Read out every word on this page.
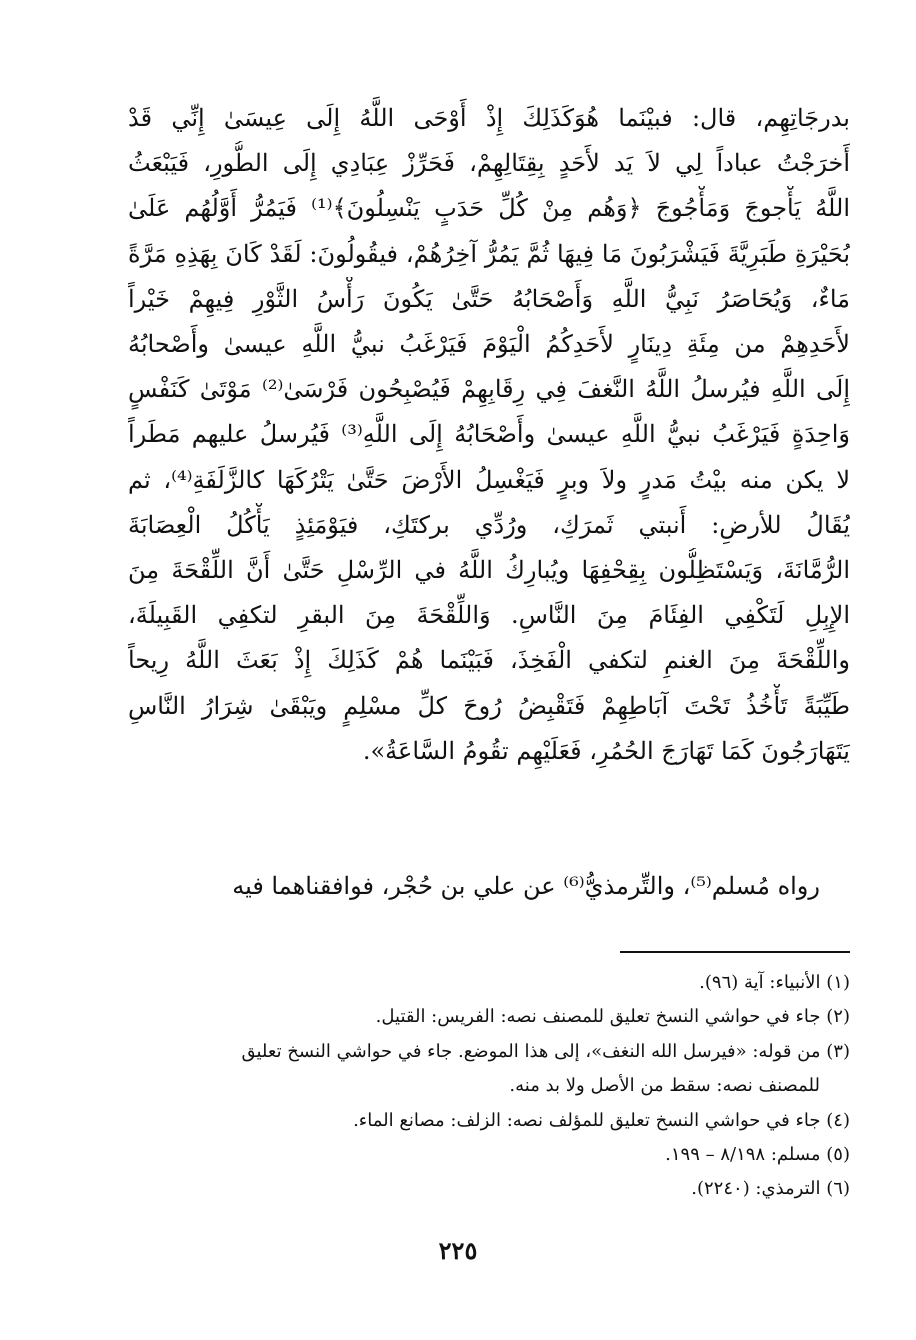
بدرجَاتِهِم، قال: فبيْنَما هُوَكَذَلِكَ إِذْ أَوْحَى اللَّهُ إِلَى عِيسَىٰ إِنِّي قَدْ
أَخرَجْتُ عباداً لِي لاَ يَد لأَحَدٍ بِقِتَالِهِمْ، فَحَرِّزْ عِبَادِي إِلَى الطُّورِ، فَيَبْعَثُ
اللَّهُ يَأْجوجَ وَمَأْجُوجَ ﴿وَهُم مِنْ كُلِّ حَدَبٍ يَنْسِلُونَ﴾⁽¹⁾ فَيَمُرُّ أَوَّلُهُم عَلَىٰ
بُحَيْرَةِ طَبَرِيَّةَ فَيَشْرَبُونَ مَا فِيهَا ثُمَّ يَمُرُّ آخِرُهُمْ، فيقُولُونَ: لَقَدْ كَانَ بِهَذِهِ مَرَّةً
مَاءٌ، وَيُحَاصَرُ نَبِيُّ اللَّهِ وَأَصْحَابُهُ حَتَّىٰ يَكُونَ رَأْسُ الثَّوْرِ فِيهِمْ خَيْراً
لأَحَدِهِمْ من مِئَةِ دِينَارٍ لأَحَدِكُمُ الْيَوْمَ فَيَرْغَبُ نبيُّ اللَّهِ عيسىٰ وأَصْحابُهُ
إِلَى اللَّهِ فيُرسلُ اللَّهُ النَّغفَ فِي رِقَابِهِمْ فَيُصْبِحُون فَرْسَىٰ⁽²⁾ مَوْتَىٰ كَنَفْسٍ
وَاحِدَةٍ فَيَرْغَبُ نبيُّ اللَّهِ عيسىٰ وأَصْحَابُهُ إِلَى اللَّهِ⁽³⁾ فَيُرسلُ عليهم مَطَراً
لا يكن منه بيْتُ مَدرٍ ولاَ وبرٍ فَيَغْسِلُ الأَرْضَ حَتَّىٰ يَتْرُكَهَا كالزَّلَفَةِ⁽⁴⁾، ثم
يُقَالُ للأرضِ: أَنبتي ثَمرَكِ، ورُدِّي بركتَكِ، فيَوْمَئِذٍ يَأْكُلُ الْعِصَابَةَ
الرُّمَّانَةَ، وَيَسْتَظِلُّون بِقِحْفِهَا ويُبارِكُ اللَّهُ في الرِّسْلِ حَتَّىٰ أَنَّ اللِّقْحَةَ مِنَ
الإِبِلِ لَتَكْفِي الفِئَامَ مِنَ النَّاسِ. وَاللِّقْحَةَ مِنَ البقرِ لتكفِي القَبِيلَةَ،
واللِّقْحَةَ مِنَ الغنمِ لتكفي الْفَخِذَ، فَبَيْنَما هُمْ كَذَلِكَ إِذْ بَعَثَ اللَّهُ رِيحاً
طَيِّبَةً تَأْخُذُ تَحْتَ آبَاطِهِمْ فَتَقْبِضُ رُوحَ كلِّ مسْلِمٍ ويَبْقَىٰ شِرَارُ النَّاسِ
يَتَهَارَجُونَ كَمَا تَهَارَجَ الحُمُرِ، فَعَلَيْهِم تقُومُ السَّاعَةُ».

رواه مُسلم⁽⁵⁾، والتِّرمذيُّ⁽⁶⁾ عن علي بن حُجْر، فوافقناهما فيه

(١) الأنبياء: آية (٩٦).
(٢) جاء في حواشي النسخ تعليق للمصنف نصه: الفريس: القتيل.
(٣) من قوله: «فيرسل الله النغف»، إلى هذا الموضع. جاء في حواشي النسخ تعليق
للمصنف نصه: سقط من الأصل ولا بد منه.
(٤) جاء في حواشي النسخ تعليق للمؤلف نصه: الزلف: مصانع الماء.
(٥) مسلم: ٨/١٩٨ – ١٩٩.
(٦) الترمذي: (٢٢٤٠).
٢٢٥
